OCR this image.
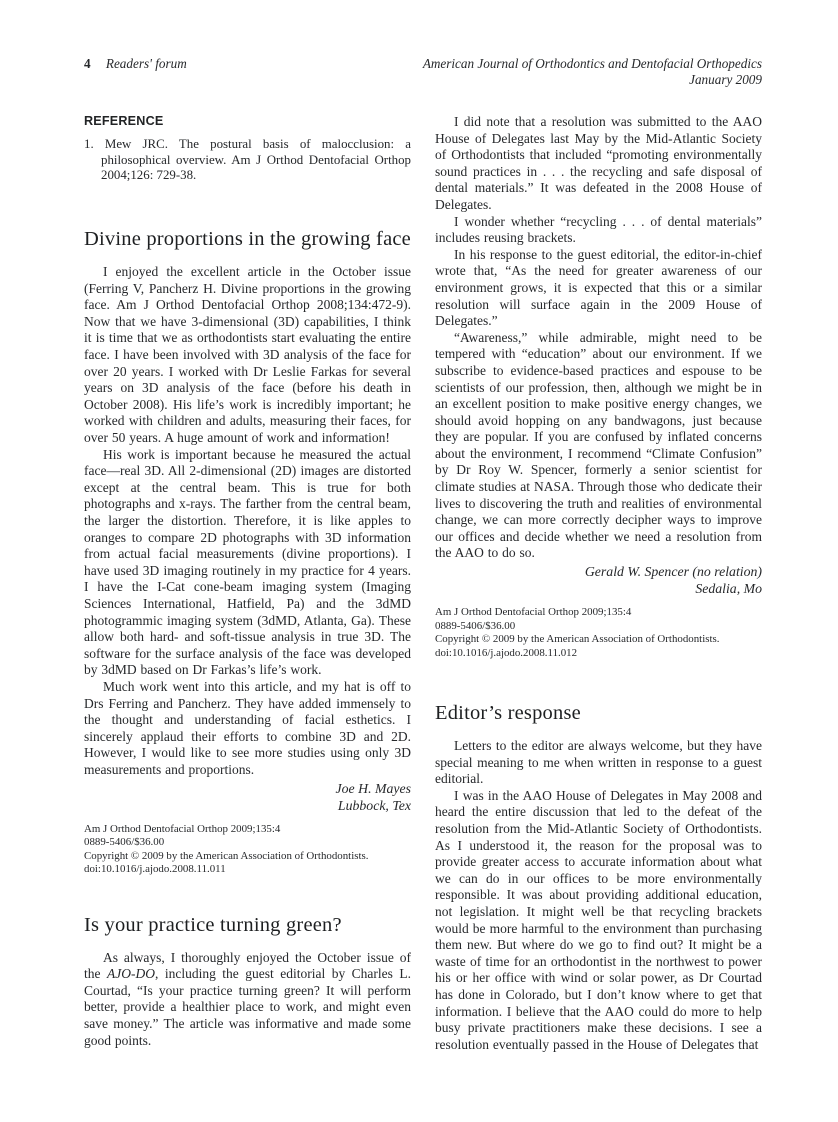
4 Readers' forum	American Journal of Orthodontics and Dentofacial Orthopedics
January 2009
REFERENCE

1. Mew JRC. The postural basis of malocclusion: a philosophical overview. Am J Orthod Dentofacial Orthop 2004;126: 729-38.

Divine proportions in the growing face

I enjoyed the excellent article in the October issue (Ferring V, Pancherz H. Divine proportions in the growing face. Am J Orthod Dentofacial Orthop 2008;134:472-9). Now that we have 3-dimensional (3D) capabilities, I think it is time that we as orthodontists start evaluating the entire face. I have been involved with 3D analysis of the face for over 20 years. I worked with Dr Leslie Farkas for several years on 3D analysis of the face (before his death in October 2008). His life’s work is incredibly important; he worked with children and adults, measuring their faces, for over 50 years. A huge amount of work and information!

His work is important because he measured the actual face—real 3D. All 2-dimensional (2D) images are distorted except at the central beam. This is true for both photographs and x-rays. The farther from the central beam, the larger the distortion. Therefore, it is like apples to oranges to compare 2D photographs with 3D information from actual facial measurements (divine proportions). I have used 3D imaging routinely in my practice for 4 years. I have the I-Cat cone-beam imaging system (Imaging Sciences International, Hatfield, Pa) and the 3dMD photogrammic imaging system (3dMD, Atlanta, Ga). These allow both hard- and soft-tissue analysis in true 3D. The software for the surface analysis of the face was developed by 3dMD based on Dr Farkas’s life’s work.

Much work went into this article, and my hat is off to Drs Ferring and Pancherz. They have added immensely to the thought and understanding of facial esthetics. I sincerely applaud their efforts to combine 3D and 2D. However, I would like to see more studies using only 3D measurements and proportions.

Joe H. Mayes
Lubbock, Tex
Am J Orthod Dentofacial Orthop 2009;135:4
0889-5406/$36.00
Copyright © 2009 by the American Association of Orthodontists.
doi:10.1016/j.ajodo.2008.11.011
Is your practice turning green?

As always, I thoroughly enjoyed the October issue of the AJO-DO, including the guest editorial by Charles L. Courtad, “Is your practice turning green? It will perform better, provide a healthier place to work, and might even save money.” The article was informative and made some good points.

I did note that a resolution was submitted to the AAO House of Delegates last May by the Mid-Atlantic Society of Orthodontists that included “promoting environmentally sound practices in . . . the recycling and safe disposal of dental materials.” It was defeated in the 2008 House of Delegates.

I wonder whether “recycling . . . of dental materials” includes reusing brackets.

In his response to the guest editorial, the editor-in-chief wrote that, “As the need for greater awareness of our environment grows, it is expected that this or a similar resolution will surface again in the 2009 House of Delegates.”

“Awareness,” while admirable, might need to be tempered with “education” about our environment. If we subscribe to evidence-based practices and espouse to be scientists of our profession, then, although we might be in an excellent position to make positive energy changes, we should avoid hopping on any bandwagons, just because they are popular. If you are confused by inflated concerns about the environment, I recommend “Climate Confusion” by Dr Roy W. Spencer, formerly a senior scientist for climate studies at NASA. Through those who dedicate their lives to discovering the truth and realities of environmental change, we can more correctly decipher ways to improve our offices and decide whether we need a resolution from the AAO to do so.

Gerald W. Spencer (no relation)
Sedalia, Mo
Am J Orthod Dentofacial Orthop 2009;135:4
0889-5406/$36.00
Copyright © 2009 by the American Association of Orthodontists.
doi:10.1016/j.ajodo.2008.11.012
Editor’s response

Letters to the editor are always welcome, but they have special meaning to me when written in response to a guest editorial.

I was in the AAO House of Delegates in May 2008 and heard the entire discussion that led to the defeat of the resolution from the Mid-Atlantic Society of Orthodontists. As I understood it, the reason for the proposal was to provide greater access to accurate information about what we can do in our offices to be more environmentally responsible. It was about providing additional education, not legislation. It might well be that recycling brackets would be more harmful to the environment than purchasing them new. But where do we go to find out? It might be a waste of time for an orthodontist in the northwest to power his or her office with wind or solar power, as Dr Courtad has done in Colorado, but I don’t know where to get that information. I believe that the AAO could do more to help busy private practitioners make these decisions. I see a resolution eventually passed in the House of Delegates that
